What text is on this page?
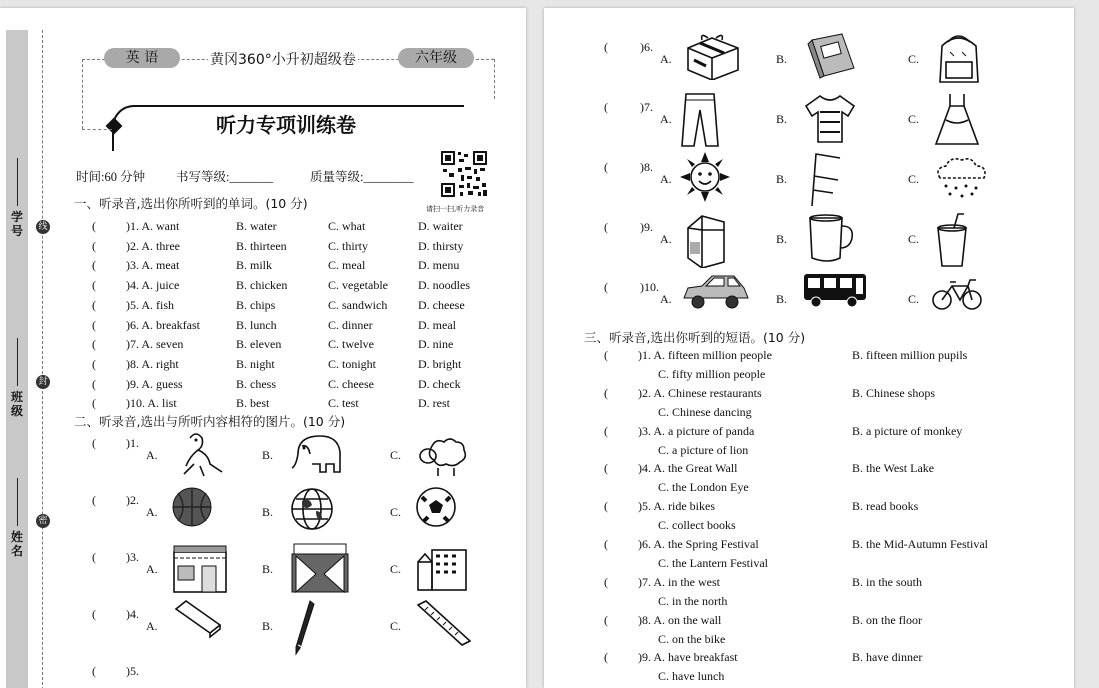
学号
班级
姓名
线
封
密
英 语	黄冈360°小升初超级卷	六年级
听力专项训练卷
时间:60 分钟 书写等级:_______	质量等级:________
请扫一扫,听力录音
一、听录音,选出你所听到的单词。(10 分)
(	)1. A. want	B. water	C. what	D. waiter
(	)2. A. three	B. thirteen	C. thirty	D. thirsty
(	)3. A. meat	B. milk	C. meal	D. menu
(	)4. A. juice	B. chicken	C. vegetable	D. noodles
(	)5. A. fish	B. chips	C. sandwich	D. cheese
(	)6. A. breakfast	B. lunch	C. dinner	D. meal
(	)7. A. seven	B. eleven	C. twelve	D. nine
(	)8. A. right	B. night	C. tonight	D. bright
(	)9. A. guess	B. chess	C. cheese	D. check
(	)10. A. list	B. best	C. test	D. rest
二、听录音,选出与所听内容相符的图片。(10 分)
(	)1.
A.	B.	C.
(	)2.
A.	B.	C.
(	)3.
A.	B.	C.
(	)4.
A.	B.	C.
(	)5.
(	)6.
A.	B.	C.
(	)7.
A.	B.	C.
(	)8.
A.	B.	C.
(	)9.
A.	B.	C.
(	)10.
A.	B.	C.
三、听录音,选出你听到的短语。(10 分)
(	)1. A. fifteen million people	B. fifteen million pupils
C. fifty million people
(	)2. A. Chinese restaurants	B. Chinese shops
C. Chinese dancing
(	)3. A. a picture of panda	B. a picture of monkey
C. a picture of lion
(	)4. A. the Great Wall	B. the West Lake
C. the London Eye
(	)5. A. ride bikes	B. read books
C. collect books
(	)6. A. the Spring Festival	B. the Mid-Autumn Festival
C. the Lantern Festival
(	)7. A. in the west	B. in the south
C. in the north
(	)8. A. on the wall	B. on the floor
C. on the bike
(	)9. A. have breakfast	B. have dinner
C. have lunch
